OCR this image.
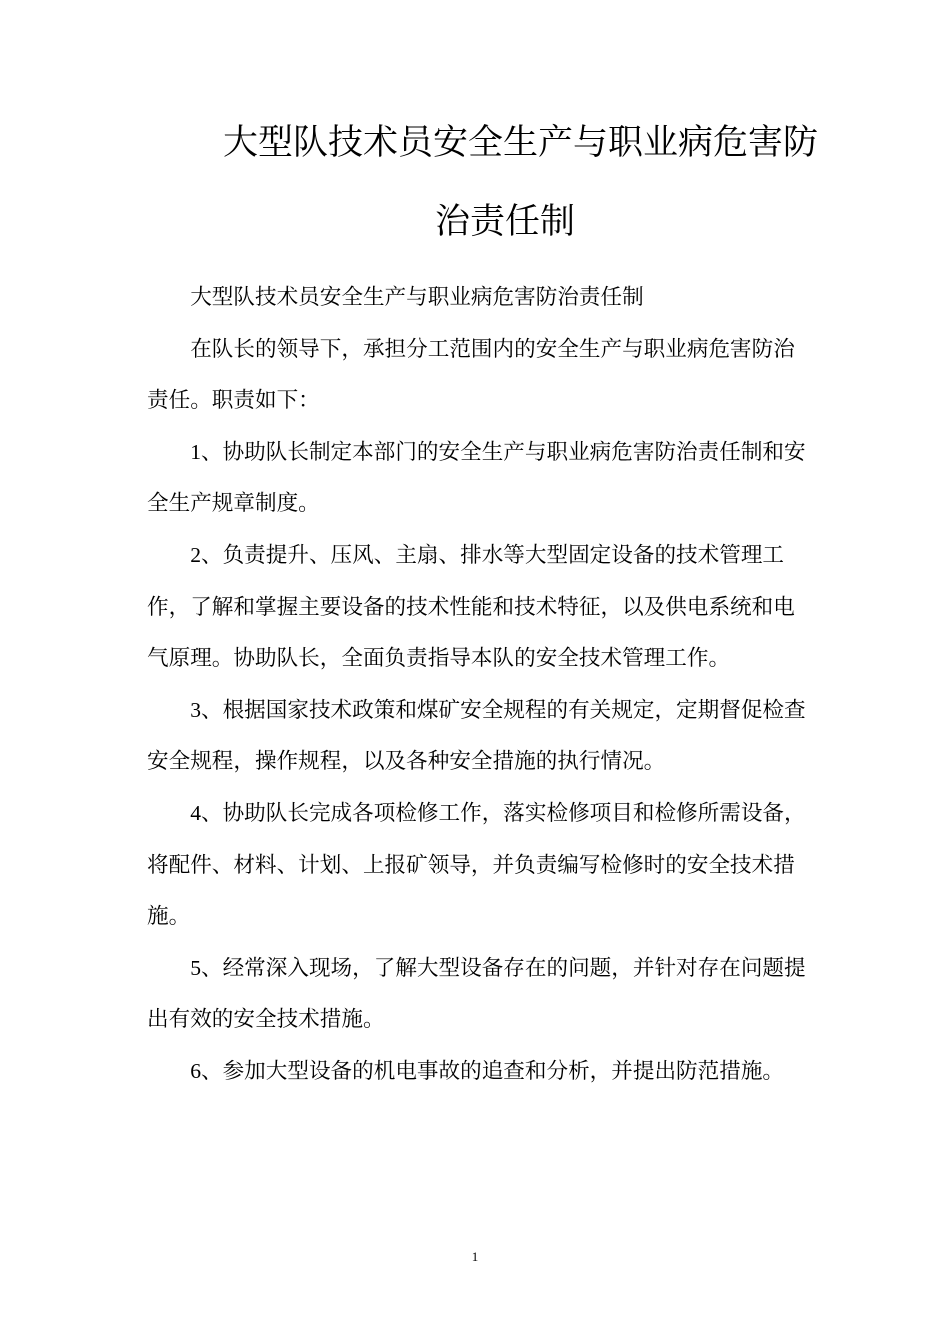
大型队技术员安全生产与职业病危害防
治责任制

大型队技术员安全生产与职业病危害防治责任制

在队长的领导下，承担分工范围内的安全生产与职业病危害防治责任。职责如下：

1、协助队长制定本部门的安全生产与职业病危害防治责任制和安全生产规章制度。

2、负责提升、压风、主扇、排水等大型固定设备的技术管理工作，了解和掌握主要设备的技术性能和技术特征，以及供电系统和电气原理。协助队长，全面负责指导本队的安全技术管理工作。

3、根据国家技术政策和煤矿安全规程的有关规定，定期督促检查安全规程，操作规程，以及各种安全措施的执行情况。

4、协助队长完成各项检修工作，落实检修项目和检修所需设备，将配件、材料、计划、上报矿领导，并负责编写检修时的安全技术措施。

5、经常深入现场，了解大型设备存在的问题，并针对存在问题提出有效的安全技术措施。

6、参加大型设备的机电事故的追查和分析，并提出防范措施。

1
